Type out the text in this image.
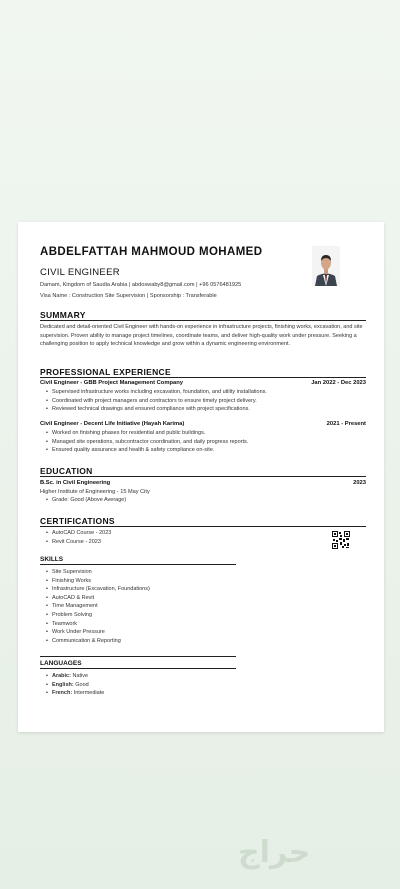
ABDELFATTAH MAHMOUD MOHAMED
CIVIL ENGINEER
Damam, Kingdom of Saudia Arabia | abdoswaby8@gmail.com | +96 0576481925
Visa Name : Construction Site Supervision | Sponsorship : Transferable
SUMMARY
Dedicated and detail-oriented Civil Engineer with hands-on experience in infrastructure projects, finishing works, excavation, and site supervision. Proven ability to manage project timelines, coordinate teams, and deliver high-quality work under pressure. Seeking a challenging position to apply technical knowledge and grow within a dynamic engineering environment.
PROFESSIONAL EXPERIENCE
Civil Engineer - GBB Project Management Company	Jan 2022 - Dec 2023
• Supervised infrastructure works including excavation, foundation, and utility installations.
• Coordinated with project managers and contractors to ensure timely project delivery.
• Reviewed technical drawings and ensured compliance with project specifications.
Civil Engineer - Decent Life Initiative (Hayah Karima)	2021 - Present
• Worked on finishing phases for residential and public buildings.
• Managed site operations, subcontractor coordination, and daily progress reports.
• Ensured quality assurance and health & safety compliance on-site.
EDUCATION
B.Sc. in Civil Engineering	2023
Higher Institute of Engineering - 15 May City
• Grade: Good (Above Average)
CERTIFICATIONS
• AutoCAD Course - 2023
• Revit Course - 2023
SKILLS
• Site Supervision
• Finishing Works
• Infrastructure (Excavation, Foundations)
• AutoCAD & Revit
• Time Management
• Problem Solving
• Teamwork
• Work Under Pressure
• Communication & Reporting
LANGUAGES
• Arabic: Native
• English: Good
• French: Intermediate
حراج
